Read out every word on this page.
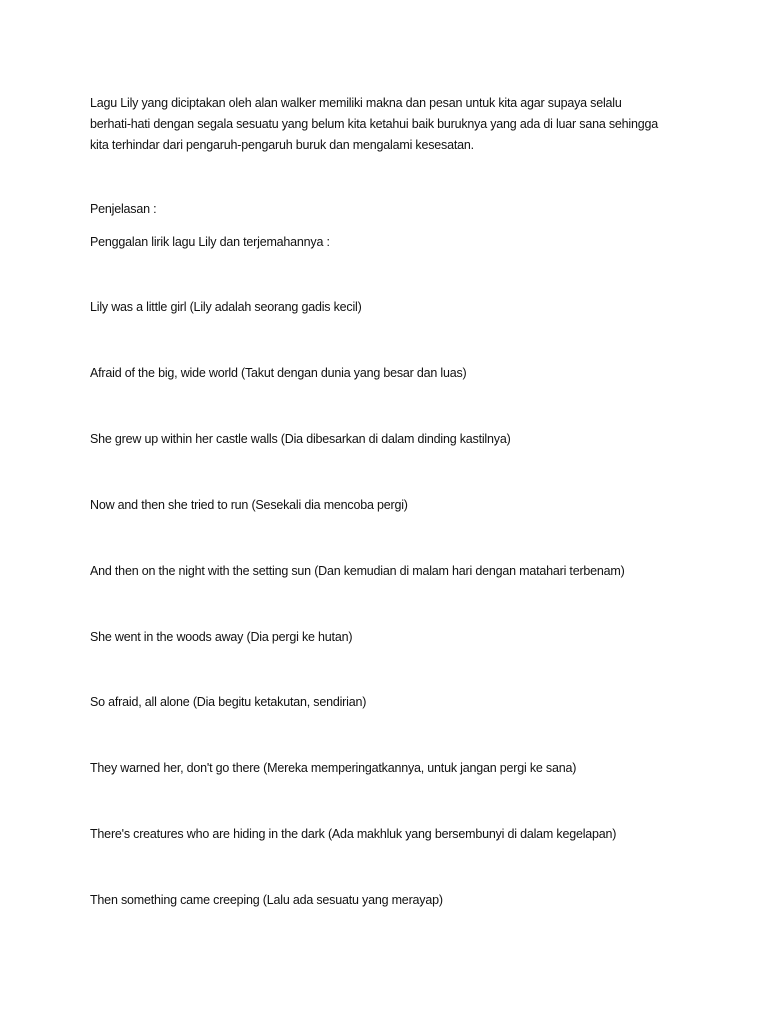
Lagu Lily yang diciptakan oleh alan walker memiliki makna dan pesan untuk kita agar supaya selalu
berhati-hati dengan segala sesuatu yang belum kita ketahui baik buruknya yang ada di luar sana sehingga
kita terhindar dari pengaruh-pengaruh buruk dan mengalami kesesatan.

Penjelasan :

Penggalan lirik lagu Lily dan terjemahannya :

Lily was a little girl (Lily adalah seorang gadis kecil)

Afraid of the big, wide world (Takut dengan dunia yang besar dan luas)

She grew up within her castle walls (Dia dibesarkan di dalam dinding kastilnya)

Now and then she tried to run (Sesekali dia mencoba pergi)

And then on the night with the setting sun (Dan kemudian di malam hari dengan matahari terbenam)

She went in the woods away (Dia pergi ke hutan)

So afraid, all alone (Dia begitu ketakutan, sendirian)

They warned her, don't go there (Mereka memperingatkannya, untuk jangan pergi ke sana)

There's creatures who are hiding in the dark (Ada makhluk yang bersembunyi di dalam kegelapan)

Then something came creeping (Lalu ada sesuatu yang merayap)
